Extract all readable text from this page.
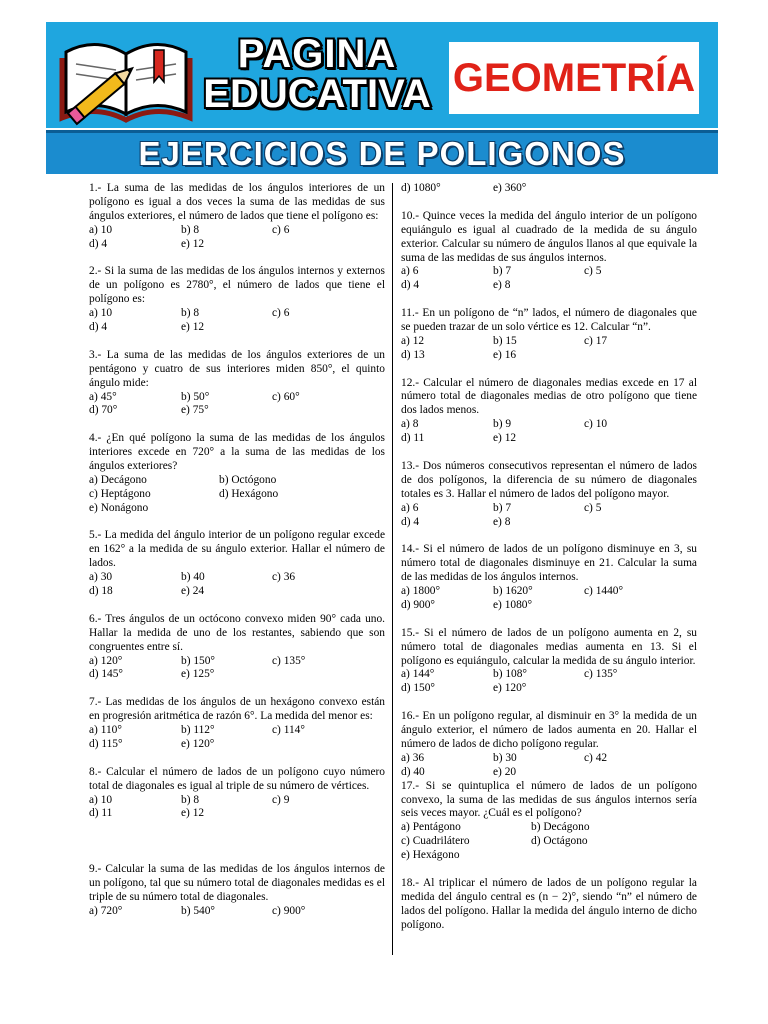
PAGINA
EDUCATIVA GEOMETRÍA
EJERCICIOS DE POLIGONOS

1.- La suma de las medidas de los ángulos interiores de un polígono es igual a dos veces la suma de las medidas de sus ángulos exteriores, el número de lados que tiene el polígono es:

a) 10	b) 8	c) 6
d) 4	e) 12

2.- Si la suma de las medidas de los ángulos internos y externos de un polígono es 2780°, el número de lados que tiene el polígono es:

a) 10	b) 8	c) 6
d) 4	e) 12

3.- La suma de las medidas de los ángulos exteriores de un pentágono y cuatro de sus interiores miden 850°, el quinto ángulo mide:

a) 45°	b) 50°	c) 60°
d) 70°	e) 75°

4.- ¿En qué polígono la suma de las medidas de los ángulos interiores excede en 720° a la suma de las medidas de los ángulos exteriores?

a) Decágono	b) Octógono
c) Heptágono	d) Hexágono
e) Nonágono

5.- La medida del ángulo interior de un polígono regular excede en 162° a la medida de su ángulo exterior. Hallar el número de lados.

a) 30	b) 40	c) 36
d) 18	e) 24

6.- Tres ángulos de un octócono convexo miden 90° cada uno. Hallar la medida de uno de los restantes, sabiendo que son congruentes entre sí.

a) 120°	b) 150°	c) 135°
d) 145°	e) 125°

7.- Las medidas de los ángulos de un hexágono convexo están en progresión aritmética de razón 6°. La medida del menor es:

a) 110°	b) 112°	c) 114°
d) 115°	e) 120°

8.- Calcular el número de lados de un polígono cuyo número total de diagonales es igual al triple de su número de vértices.

a) 10	b) 8	c) 9
d) 11	e) 12

9.- Calcular la suma de las medidas de los ángulos internos de un polígono, tal que su número total de diagonales medidas es el triple de su número total de diagonales.

a) 720°	b) 540°	c) 900°
d) 1080°	e) 360°

10.- Quince veces la medida del ángulo interior de un polígono equiángulo es igual al cuadrado de la medida de su ángulo exterior. Calcular su número de ángulos llanos al que equivale la suma de las medidas de sus ángulos internos.

a) 6	b) 7	c) 5
d) 4	e) 8

11.- En un polígono de “n” lados, el número de diagonales que se pueden trazar de un solo vértice es 12. Calcular “n”.

a) 12	b) 15	c) 17
d) 13	e) 16

12.- Calcular el número de diagonales medias excede en 17 al número total de diagonales medias de otro polígono que tiene dos lados menos.

a) 8	b) 9	c) 10
d) 11	e) 12

13.- Dos números consecutivos representan el número de lados de dos polígonos, la diferencia de su número de diagonales totales es 3. Hallar el número de lados del polígono mayor.

a) 6	b) 7	c) 5
d) 4	e) 8

14.- Si el número de lados de un polígono disminuye en 3, su número total de diagonales disminuye en 21. Calcular la suma de las medidas de los ángulos internos.

a) 1800°	b) 1620°	c) 1440°
d) 900°	e) 1080°

15.- Si el número de lados de un polígono aumenta en 2, su número total de diagonales medias aumenta en 13. Si el polígono es equiángulo, calcular la medida de su ángulo interior.

a) 144°	b) 108°	c) 135°
d) 150°	e) 120°

16.- En un polígono regular, al disminuir en 3° la medida de un ángulo exterior, el número de lados aumenta en 20. Hallar el número de lados de dicho polígono regular.

a) 36	b) 30	c) 42
d) 40	e) 20

17.- Si se quintuplica el número de lados de un polígono convexo, la suma de las medidas de sus ángulos internos sería seis veces mayor. ¿Cuál es el polígono?

a) Pentágono	b) Decágono
c) Cuadrilátero	d) Octágono
e) Hexágono

18.- Al triplicar el número de lados de un polígono regular la medida del ángulo central es (n − 2)°, siendo “n” el número de lados del polígono. Hallar la medida del ángulo interno de dicho polígono.
